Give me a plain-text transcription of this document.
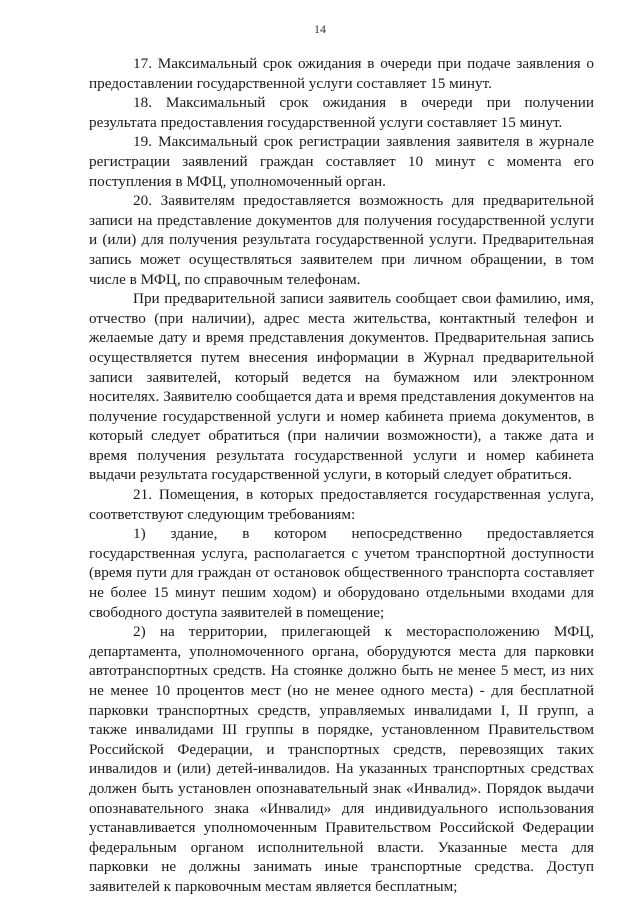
14

17. Максимальный срок ожидания в очереди при подаче заявления о предоставлении государственной услуги составляет 15 минут.

18. Максимальный срок ожидания в очереди при получении результата предоставления государственной услуги составляет 15 минут.

19. Максимальный срок регистрации заявления заявителя в журнале регистрации заявлений граждан составляет 10 минут с момента его поступления в МФЦ, уполномоченный орган.

20. Заявителям предоставляется возможность для предварительной записи на представление документов для получения государственной услуги и (или) для получения результата государственной услуги. Предварительная запись может осуществляться заявителем при личном обращении, в том числе в МФЦ, по справочным телефонам.

При предварительной записи заявитель сообщает свои фамилию, имя, отчество (при наличии), адрес места жительства, контактный телефон и желаемые дату и время представления документов. Предварительная запись осуществляется путем внесения информации в Журнал предварительной записи заявителей, который ведется на бумажном или электронном носителях. Заявителю сообщается дата и время представления документов на получение государственной услуги и номер кабинета приема документов, в который следует обратиться (при наличии возможности), а также дата и время получения результата государственной услуги и номер кабинета выдачи результата государственной услуги, в который следует обратиться.

21. Помещения, в которых предоставляется государственная услуга, соответствуют следующим требованиям:

1) здание, в котором непосредственно предоставляется государственная услуга, располагается с учетом транспортной доступности (время пути для граждан от остановок общественного транспорта составляет не более 15 минут пешим ходом) и оборудовано отдельными входами для свободного доступа заявителей в помещение;

2) на территории, прилегающей к месторасположению МФЦ, департамента, уполномоченного органа, оборудуются места для парковки автотранспортных средств. На стоянке должно быть не менее 5 мест, из них не менее 10 процентов мест (но не менее одного места) - для бесплатной парковки транспортных средств, управляемых инвалидами I, II групп, а также инвалидами III группы в порядке, установленном Правительством Российской Федерации, и транспортных средств, перевозящих таких инвалидов и (или) детей-инвалидов. На указанных транспортных средствах должен быть установлен опознавательный знак «Инвалид». Порядок выдачи опознавательного знака «Инвалид» для индивидуального использования устанавливается уполномоченным Правительством Российской Федерации федеральным органом исполнительной власти. Указанные места для парковки не должны занимать иные транспортные средства. Доступ заявителей к парковочным местам является бесплатным;
